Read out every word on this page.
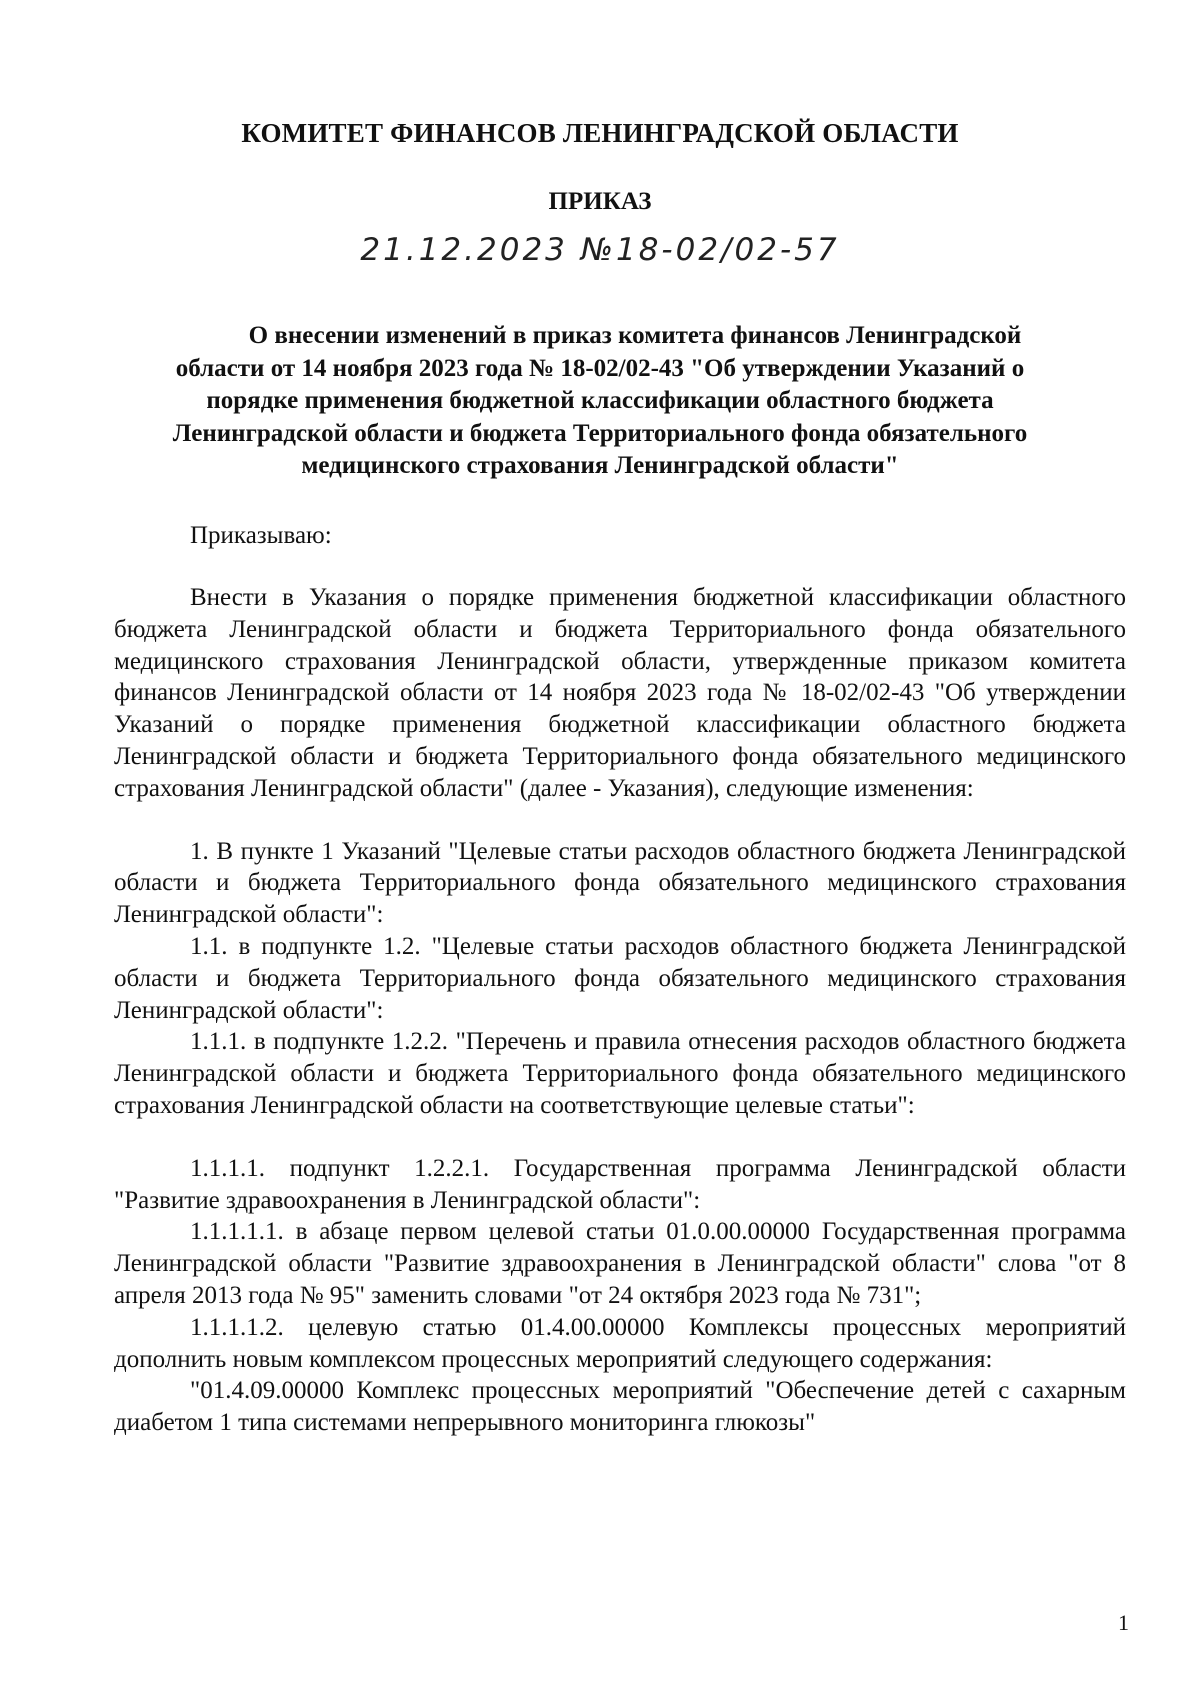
КОМИТЕТ ФИНАНСОВ ЛЕНИНГРАДСКОЙ ОБЛАСТИ
ПРИКАЗ
21.12.2023 №18-02/02-57
О внесении изменений в приказ комитета финансов Ленинградской
области от 14 ноября 2023 года № 18-02/02-43 "Об утверждении Указаний о
порядке применения бюджетной классификации областного бюджета
Ленинградской области и бюджета Территориального фонда обязательного
медицинского страхования Ленинградской области"
Приказываю:

Внести в Указания о порядке применения бюджетной классификации областного бюджета Ленинградской области и бюджета Территориального фонда обязательного медицинского страхования Ленинградской области, утвержденные приказом комитета финансов Ленинградской области от 14 ноября 2023 года № 18-02/02-43 "Об утверждении Указаний о порядке применения бюджетной классификации областного бюджета Ленинградской области и бюджета Территориального фонда обязательного медицинского страхования Ленинградской области" (далее - Указания), следующие изменения:

1. В пункте 1 Указаний "Целевые статьи расходов областного бюджета Ленинградской области и бюджета Территориального фонда обязательного медицинского страхования Ленинградской области":

1.1. в подпункте 1.2. "Целевые статьи расходов областного бюджета Ленинградской области и бюджета Территориального фонда обязательного медицинского страхования Ленинградской области":

1.1.1. в подпункте 1.2.2. "Перечень и правила отнесения расходов областного бюджета Ленинградской области и бюджета Территориального фонда обязательного медицинского страхования Ленинградской области на соответствующие целевые статьи":

1.1.1.1. подпункт 1.2.2.1. Государственная программа Ленинградской области "Развитие здравоохранения в Ленинградской области":

1.1.1.1.1. в абзаце первом целевой статьи 01.0.00.00000 Государственная программа Ленинградской области "Развитие здравоохранения в Ленинградской области" слова "от 8 апреля 2013 года № 95" заменить словами "от 24 октября 2023 года № 731";

1.1.1.1.2. целевую статью 01.4.00.00000 Комплексы процессных мероприятий дополнить новым комплексом процессных мероприятий следующего содержания:

"01.4.09.00000 Комплекс процессных мероприятий "Обеспечение детей с сахарным диабетом 1 типа системами непрерывного мониторинга глюкозы"

1
